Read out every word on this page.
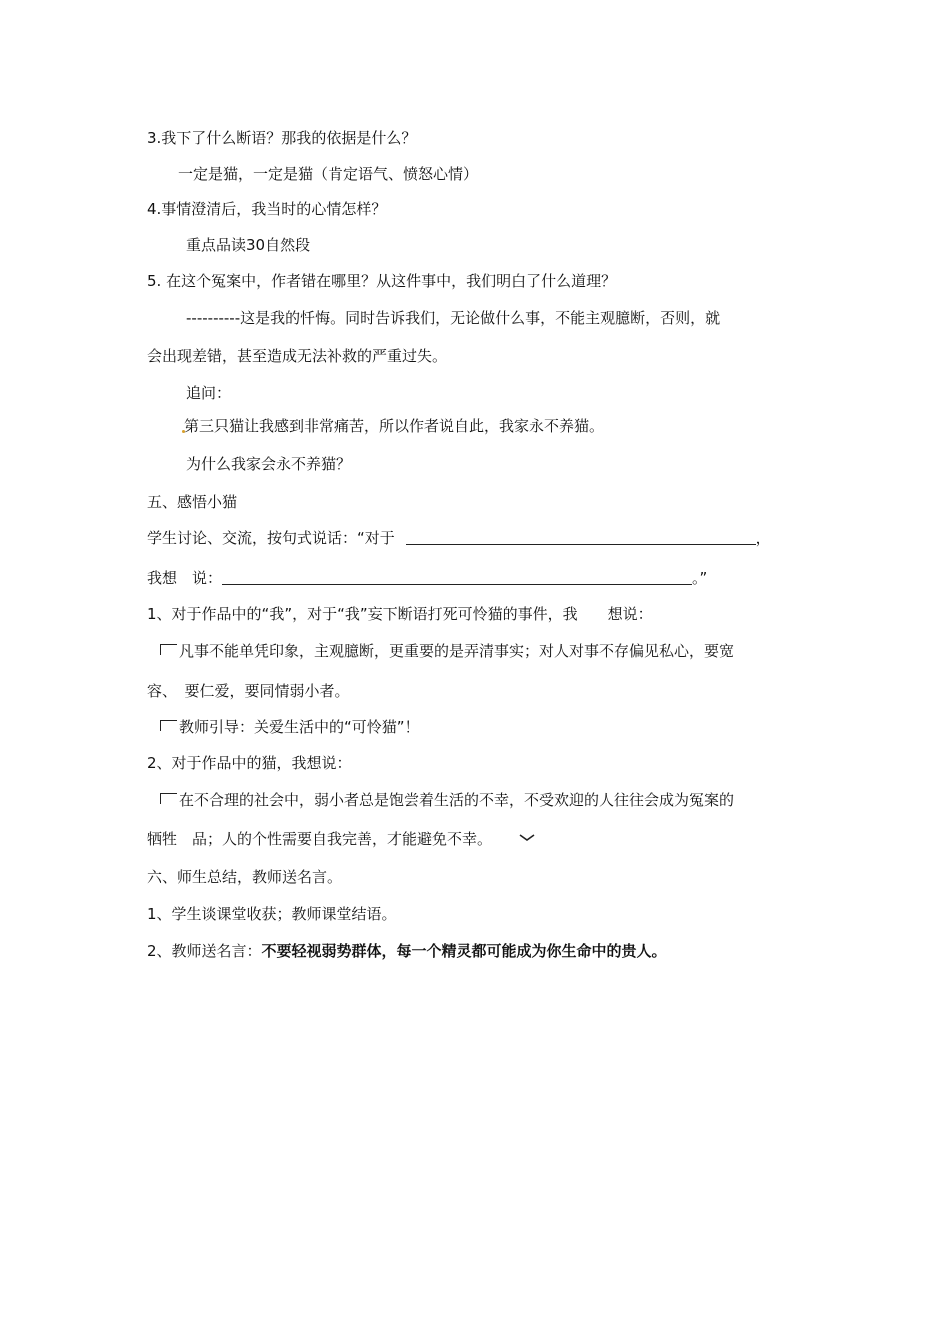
3.我下了什么断语？那我的依据是什么？
一定是猫，一定是猫（肯定语气、愤怒心情）
4.事情澄清后，我当时的心情怎样？
重点品读30自然段
5. 在这个冤案中，作者错在哪里？从这件事中，我们明白了什么道理？
----------这是我的忏悔。同时告诉我们，无论做什么事，不能主观臆断，否则，就
会出现差错，甚至造成无法补救的严重过失。
追问：
第三只猫让我感到非常痛苦，所以作者说自此，我家永不养猫。
为什么我家会永不养猫？
五、感悟小猫
学生讨论、交流，按句式说话：“对于	，
我想　说：	。”
1、对于作品中的“我”，对于“我”妄下断语打死可怜猫的事件，我　　想说：
凡事不能单凭印象，主观臆断，更重要的是弄清事实；对人对事不存偏见私心，要宽
容、　要仁爱，要同情弱小者。
教师引导：关爱生活中的“可怜猫”！
2、对于作品中的猫，我想说：
在不合理的社会中，弱小者总是饱尝着生活的不幸，不受欢迎的人往往会成为冤案的
牺牲　品；人的个性需要自我完善，才能避免不幸。
六、师生总结，教师送名言。
1、学生谈课堂收获；教师课堂结语。
2、教师送名言：不要轻视弱势群体，每一个精灵都可能成为你生命中的贵人。
